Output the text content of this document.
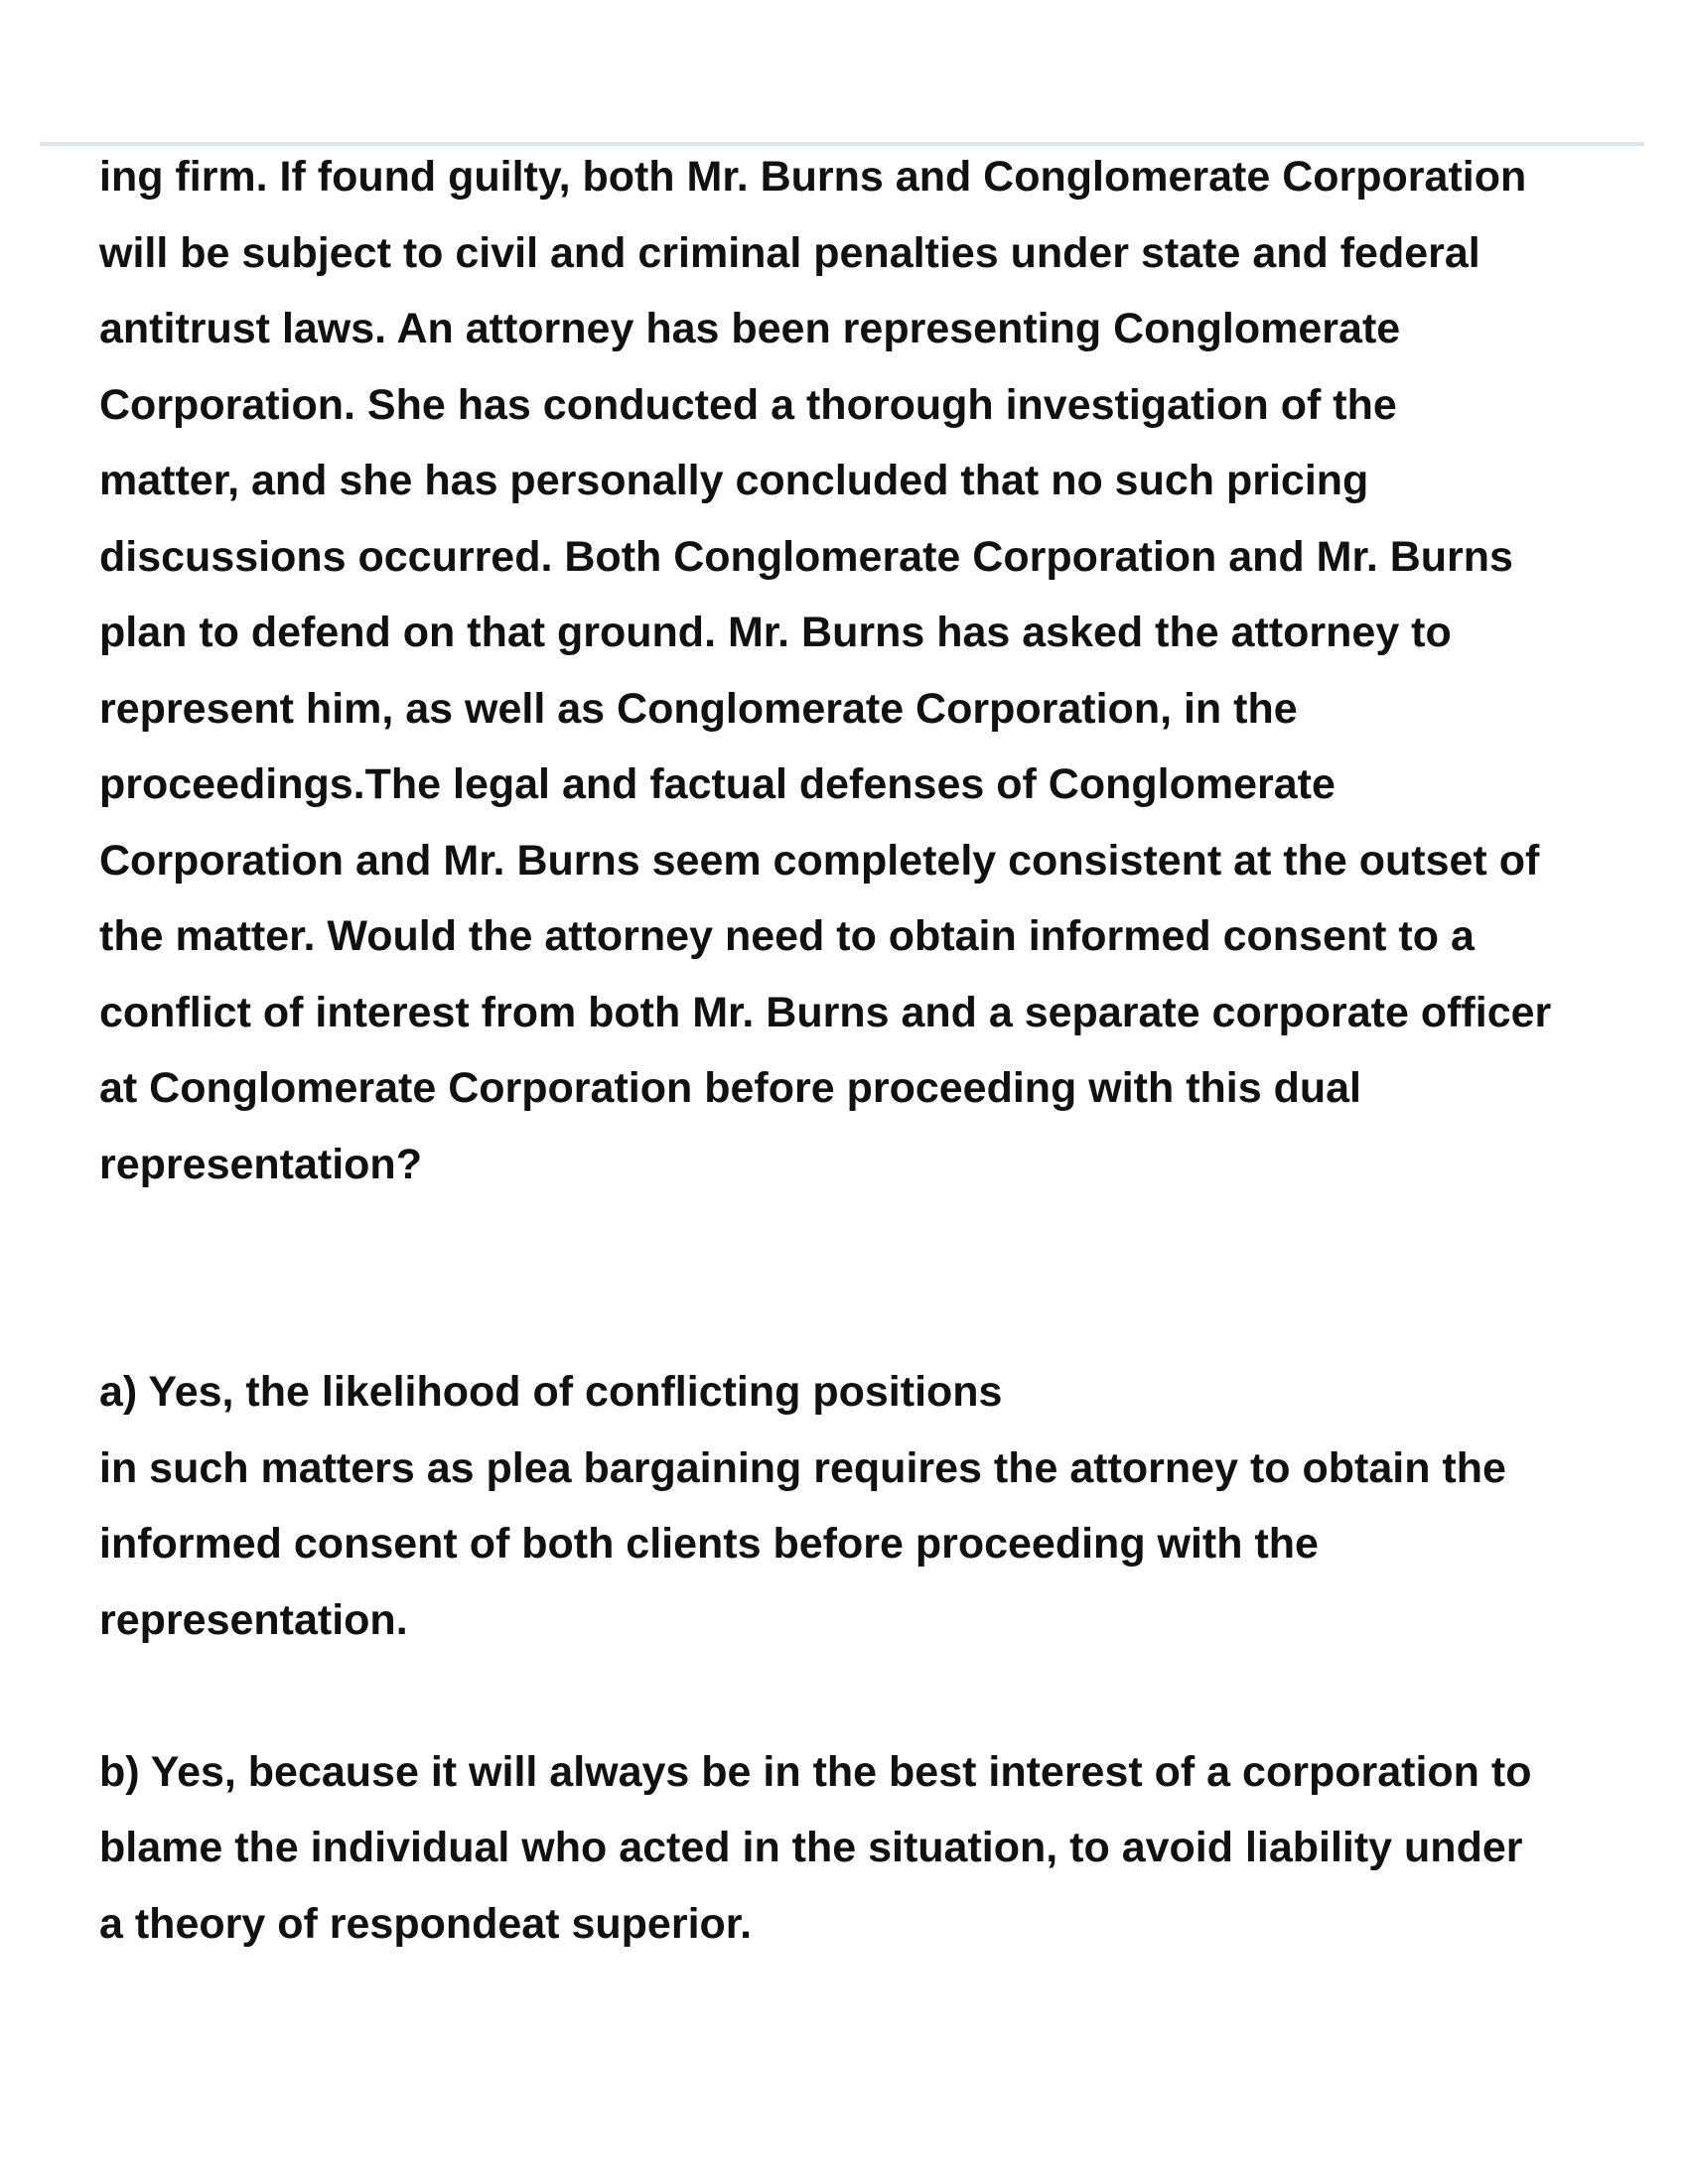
ing firm. If found guilty, both Mr. Burns and Conglomerate Corporation
will be subject to civil and criminal penalties under state and federal
antitrust laws. An attorney has been representing Conglomerate
Corporation. She has conducted a thorough investigation of the
matter, and she has personally concluded that no such pricing
discussions occurred. Both Conglomerate Corporation and Mr. Burns
plan to defend on that ground. Mr. Burns has asked the attorney to
represent him, as well as Conglomerate Corporation, in the
proceedings.The legal and factual defenses of Conglomerate
Corporation and Mr. Burns seem completely consistent at the outset of
the matter. Would the attorney need to obtain informed consent to a
conflict of interest from both Mr. Burns and a separate corporate officer
at Conglomerate Corporation before proceeding with this dual
representation?
a) Yes, the likelihood of conflicting positions
in such matters as plea bargaining requires the attorney to obtain the
informed consent of both clients before proceeding with the
representation.
b) Yes, because it will always be in the best interest of a corporation to
blame the individual who acted in the situation, to avoid liability under
a theory of respondeat superior.
